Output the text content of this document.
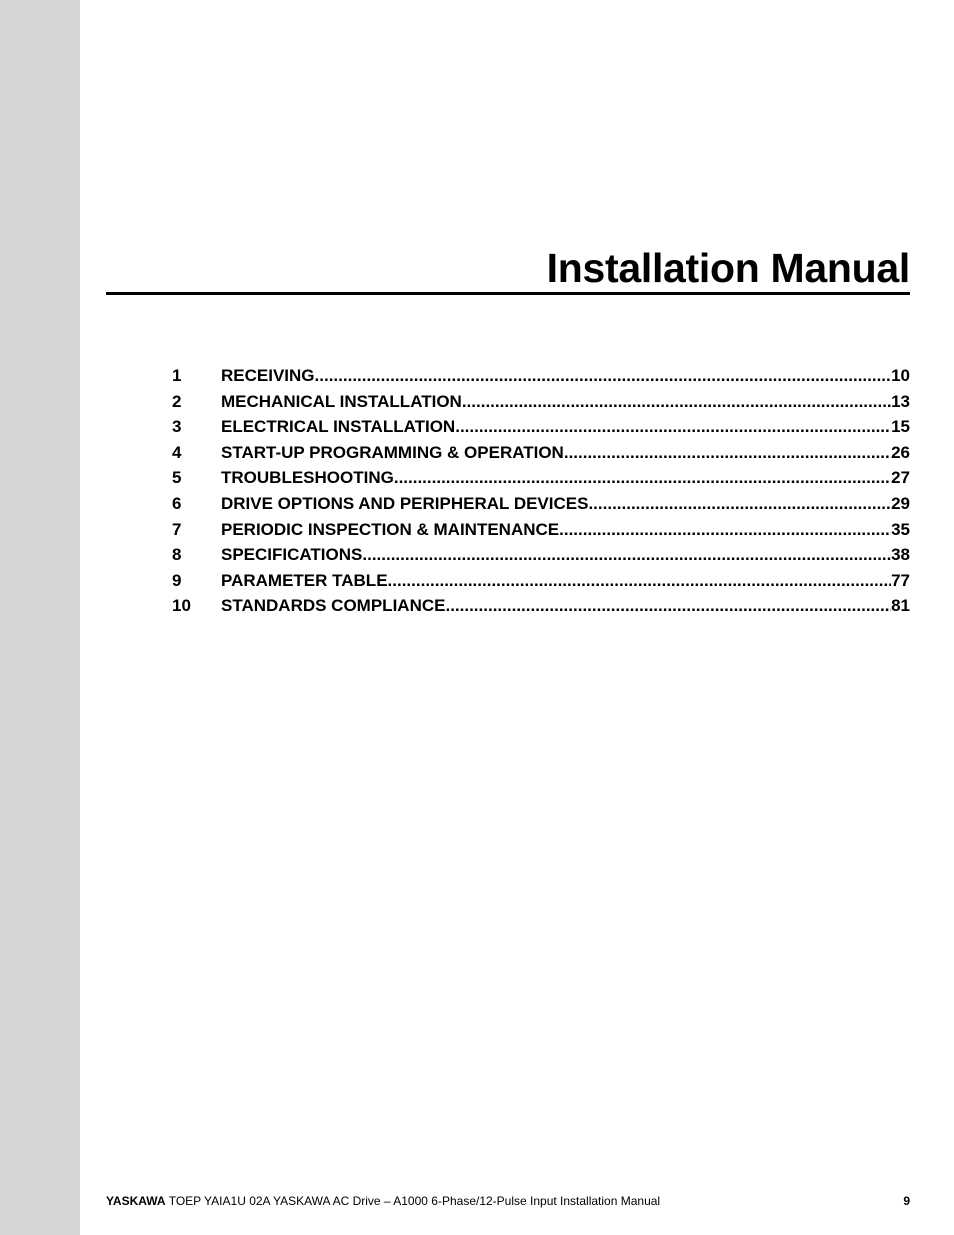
Installation Manual
1	RECEIVING .....	10
2	MECHANICAL INSTALLATION .....	13
3	ELECTRICAL INSTALLATION .....	15
4	START-UP PROGRAMMING & OPERATION .....	26
5	TROUBLESHOOTING .....	27
6	DRIVE OPTIONS AND PERIPHERAL DEVICES .....	29
7	PERIODIC INSPECTION & MAINTENANCE .....	35
8	SPECIFICATIONS .....	38
9	PARAMETER TABLE .....	77
10	STANDARDS COMPLIANCE .....	81
YASKAWA TOEP YAIA1U 02A YASKAWA AC Drive – A1000 6-Phase/12-Pulse Input Installation Manual	9
